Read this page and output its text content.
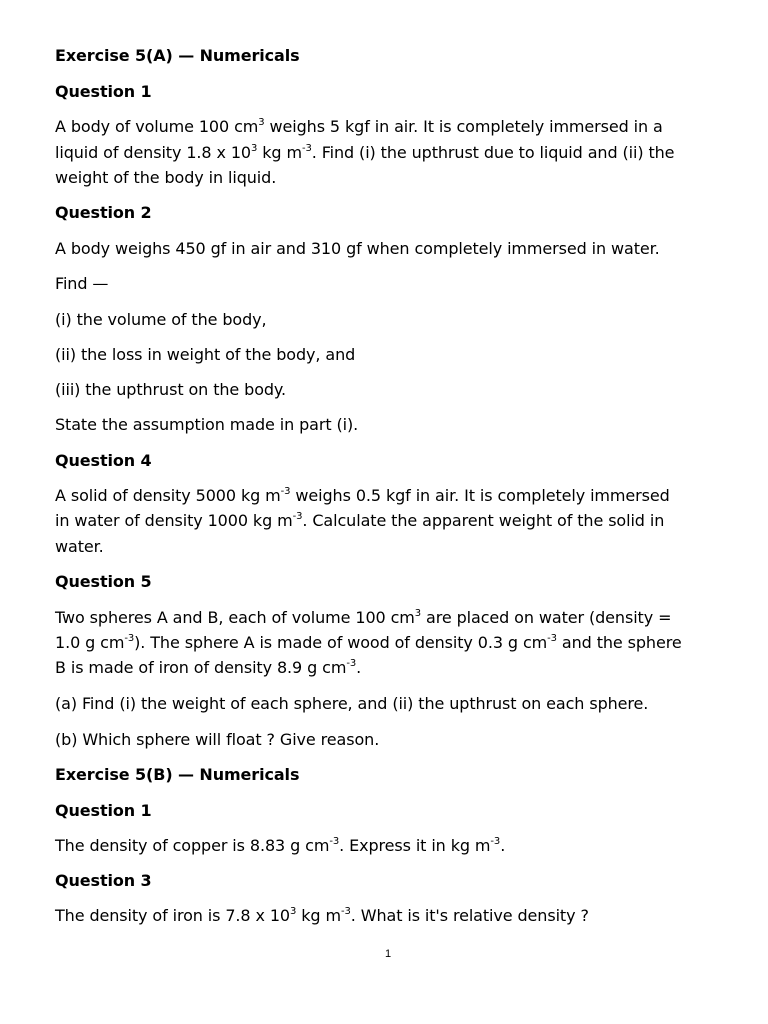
Exercise 5(A) — Numericals
Question 1
A body of volume 100 $cm^3$ weighs 5 kgf in air. It is completely immersed in a
liquid of density 1.8 x $10^3$ kg $m^{-3}$. Find (i) the upthrust due to liquid and (ii) the
weight of the body in liquid.
Question 2
A body weighs 450 gf in air and 310 gf when completely immersed in water.
Find —
(i) the volume of the body,
(ii) the loss in weight of the body, and
(iii) the upthrust on the body.
State the assumption made in part (i).
Question 4
A solid of density 5000 kg $m^{-3}$ weighs 0.5 kgf in air. It is completely immersed
in water of density 1000 kg $m^{-3}$. Calculate the apparent weight of the solid in
water.
Question 5
Two spheres A and B, each of volume 100 $cm^3$ are placed on water (density =
1.0 g $cm^{-3}$). The sphere A is made of wood of density 0.3 g $cm^{-3}$ and the sphere
B is made of iron of density 8.9 g $cm^{-3}$.
(a) Find (i) the weight of each sphere, and (ii) the upthrust on each sphere.
(b) Which sphere will float ? Give reason.
Exercise 5(B) — Numericals
Question 1
The density of copper is 8.83 g $cm^{-3}$. Express it in kg $m^{-3}$.
Question 3
The density of iron is 7.8 x $10^3$ kg $m^{-3}$. What is it's relative density ?
1
